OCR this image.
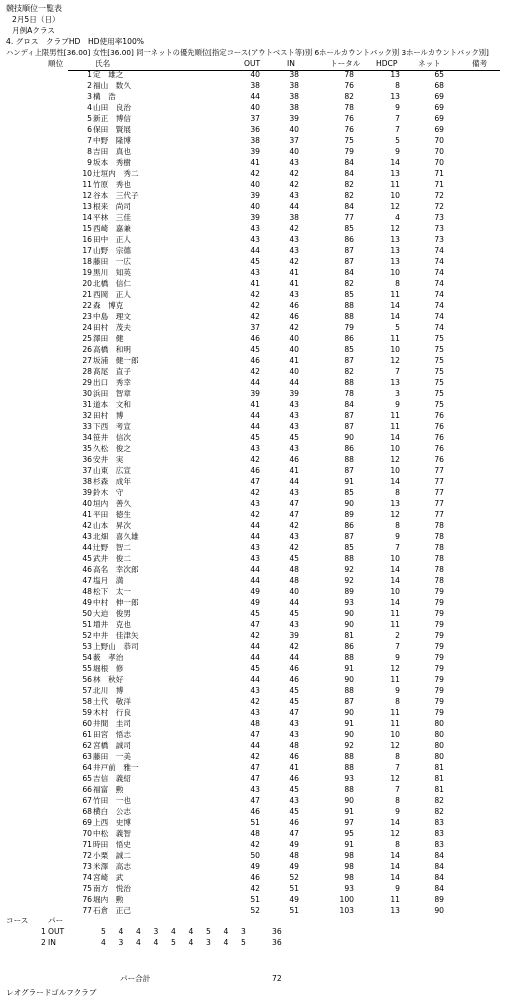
競技順位一覧表
2月5日（日）
月例Aクラス
4. グロス　クラブHD　HD使用率100%
ハンディ上限男性[36.00] 女性[36.00] 同一ネットの優先順位[指定コース(アウトベスト等)別 6ホールカウントバック別 3ホールカウントバック別]
順位	氏名	OUT	IN	トータル HDCP	ネット	備考
1 定　雄之	40	38	78	13	65
2 福山　数久	38	38	76	8	68
3 構　浩	44	38	82	13	69
4 山田　良治	40	38	78	9	69
5 新正　博信	37	39	76	7	69
6 保田　賢展	36	40	76	7	69
7 中野　隆博	38	37	75	5	70
8 吉田　真也	39	40	79	9	70
9 坂本　秀樹	41	43	84	14	70
10 辻垣内　秀二	42	42	84	13	71
11 竹原　秀也	40	42	82	11	71
12 谷本　三代子	39	43	82	10	72
13 根来　尚司	40	44	84	12	72
14 平林　三佳	39	38	77	4	73
15 西崎　嘉兼	43	42	85	12	73
16 田中　正人	43	43	86	13	73
17 山野　宗德	44	43	87	13	74
18 藤田　一広	45	42	87	13	74
19 黒川　知英	43	41	84	10	74
20 北橋　信仁	41	41	82	8	74
21 西岡　正人	42	43	85	11	74
22 森　博克	42	46	88	14	74
23 中島　理文	42	46	88	14	74
24 田村　茂夫	37	42	79	5	74
25 澤田　健	46	40	86	11	75
26 高橋　和明	45	40	85	10	75
27 坂浦　健一郎	46	41	87	12	75
28 髙尾　直子	42	40	82	7	75
29 出口　秀幸	44	44	88	13	75
30 浜田　智章	39	39	78	3	75
31 道本　文和	41	43	84	9	75
32 田村　博	44	43	87	11	76
33 下西　考宣	44	43	87	11	76
34 笹井　信次	45	45	90	14	76
35 久松　俊之	43	43	86	10	76
36 安井　実	42	46	88	12	76
37 山東　広宣	46	41	87	10	77
38 杉森　成年	47	44	91	14	77
39 鈴木　守	42	43	85	8	77
40 垣内　善久	43	47	90	13	77
41 平田　徳生	42	47	89	12	77
42 山本　昇次	44	42	86	8	78
43 北畑　喜久雄	44	43	87	9	78
44 辻野　智二	43	42	85	7	78
45 武井　俊二	43	45	88	10	78
46 高名　幸次郎	44	48	92	14	78
47 塩月　満	44	48	92	14	78
48 松下　太一	49	40	89	10	79
49 中村　伸一郎	49	44	93	14	79
50 大迫　俊男	45	45	90	11	79
51 増井　克也	47	43	90	11	79
52 中井　佳津矢	42	39	81	2	79
53 上野山　恭司	44	42	86	7	79
54 薮　孝治	44	44	88	9	79
55 堀根　修	45	46	91	12	79
56 林　秋好	44	46	90	11	79
57 北川　博	43	45	88	9	79
58 土代　敬洋	42	45	87	8	79
59 木村　行良	43	47	90	11	79
60 井間　圭司	48	43	91	11	80
61 田宮　悟志	47	43	90	10	80
62 宮橋　誠司	44	48	92	12	80
63 藤田　一美	42	46	88	8	80
64 井戸前　雅一	47	41	88	7	81
65 吉信　義紹	47	46	93	12	81
66 福富　勲	43	45	88	7	81
67 竹田　一也	47	43	90	8	82
68 横白　公志	46	45	91	9	82
69 上西　史博	51	46	97	14	83
70 中松　義智	48	47	95	12	83
71 時田　悟史	42	49	91	8	83
72 小栗　誠二	50	48	98	14	84
73 米澤　高志	49	49	98	14	84
74 宮崎　武	46	52	98	14	84
75 南方　悦治	42	51	93	9	84
76 堀内　勲	51	49	100	11	89
77 石倉　正己	52	51	103	13	90
コース	パー
1 OUT	5 4 4 3 4 4 5 4 3	36
2 IN	4 3 4 4 5 4 3 4 5	36
パー合計	72
レオグラードゴルフクラブ
